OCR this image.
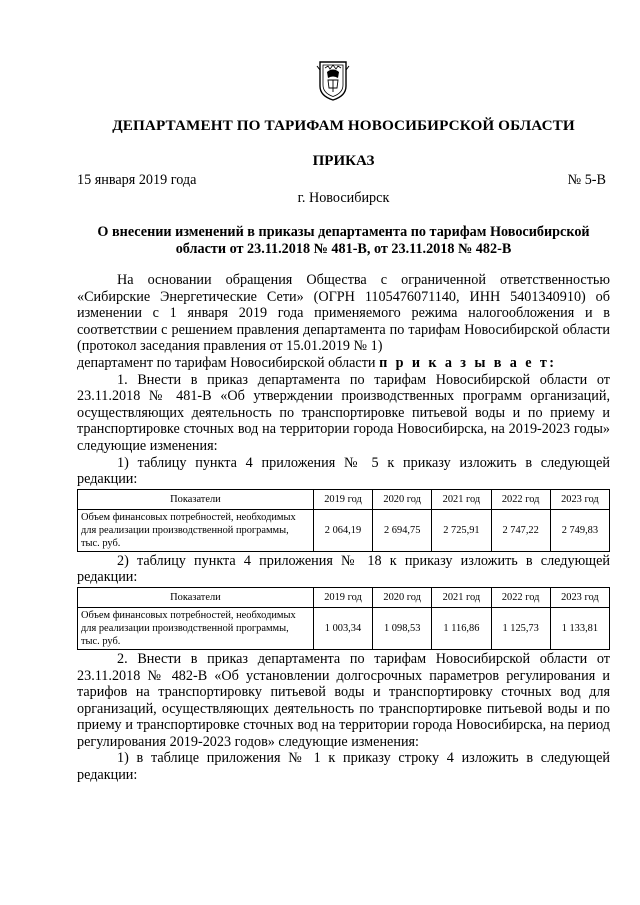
ДЕПАРТАМЕНТ ПО ТАРИФАМ НОВОСИБИРСКОЙ ОБЛАСТИ
ПРИКАЗ
15 января 2019 года	№ 5-В
г. Новосибирск
О внесении изменений в приказы департамента по тарифам Новосибирской
области от 23.11.2018 № 481-В, от 23.11.2018 № 482-В

На основании обращения Общества с ограниченной ответственностью «Сибирские Энергетические Сети» (ОГРН 1105476071140, ИНН 5401340910) об изменении с 1 января 2019 года применяемого режима налогообложения и в соответствии с решением правления департамента по тарифам Новосибирской области (протокол заседания правления от 15.01.2019 № 1)

департамент по тарифам Новосибирской области п р и к а з ы в а е т:

1. Внести в приказ департамента по тарифам Новосибирской области от 23.11.2018 № 481-В «Об утверждении производственных программ организаций, осуществляющих деятельность по транспортировке питьевой воды и по приему и транспортировке сточных вод на территории города Новосибирска, на 2019-2023 годы» следующие изменения:

1) таблицу пункта 4 приложения № 5 к приказу изложить в следующей редакции:

Показатели	2019 год	2020 год	2021 год	2022 год	2023 год
Объем финансовых потребностей, необходимых для реализации производственной программы, тыс. руб.	2 064,19	2 694,75	2 725,91	2 747,22	2 749,83

2) таблицу пункта 4 приложения № 18 к приказу изложить в следующей редакции:

Показатели	2019 год	2020 год	2021 год	2022 год	2023 год
Объем финансовых потребностей, необходимых для реализации производственной программы, тыс. руб.	1 003,34	1 098,53	1 116,86	1 125,73	1 133,81

2. Внести в приказ департамента по тарифам Новосибирской области от 23.11.2018 № 482-В «Об установлении долгосрочных параметров регулирования и тарифов на транспортировку питьевой воды и транспортировку сточных вод для организаций, осуществляющих деятельность по транспортировке питьевой воды и по приему и транспортировке сточных вод на территории города Новосибирска, на период регулирования 2019-2023 годов» следующие изменения:

1) в таблице приложения № 1 к приказу строку 4 изложить в следующей редакции:
